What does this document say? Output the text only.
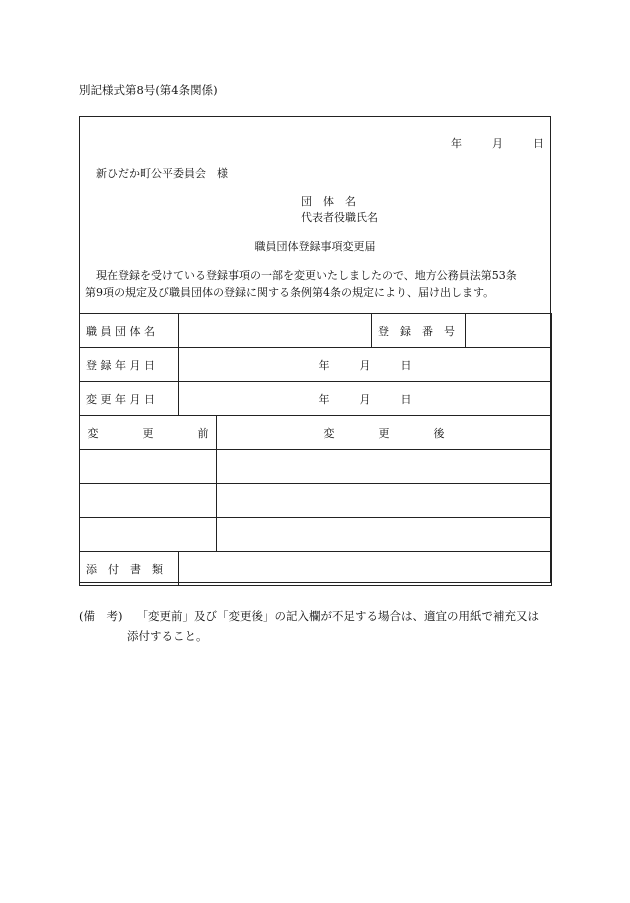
別記様式第8号(第4条関係)
年	月	日
新ひだか町公平委員会　様
団　体　名
代表者役職氏名
職員団体登録事項変更届
現在登録を受けている登録事項の一部を変更いたしましたので、地方公務員法第53条
第9項の規定及び職員団体の登録に関する条例第4条の規定により、届け出します。
職 員 団 体 名			登　録　番　号	
登 録 年 月 日	年 月 日			
変 更 年 月 日	年 月 日			
変　　　　更　　　　前		変　　　　更　　　　後		

添　付　書　類				
(備　考) 「変更前」及び「変更後」の記入欄が不足する場合は、適宜の用紙で補充又は
添付すること。
